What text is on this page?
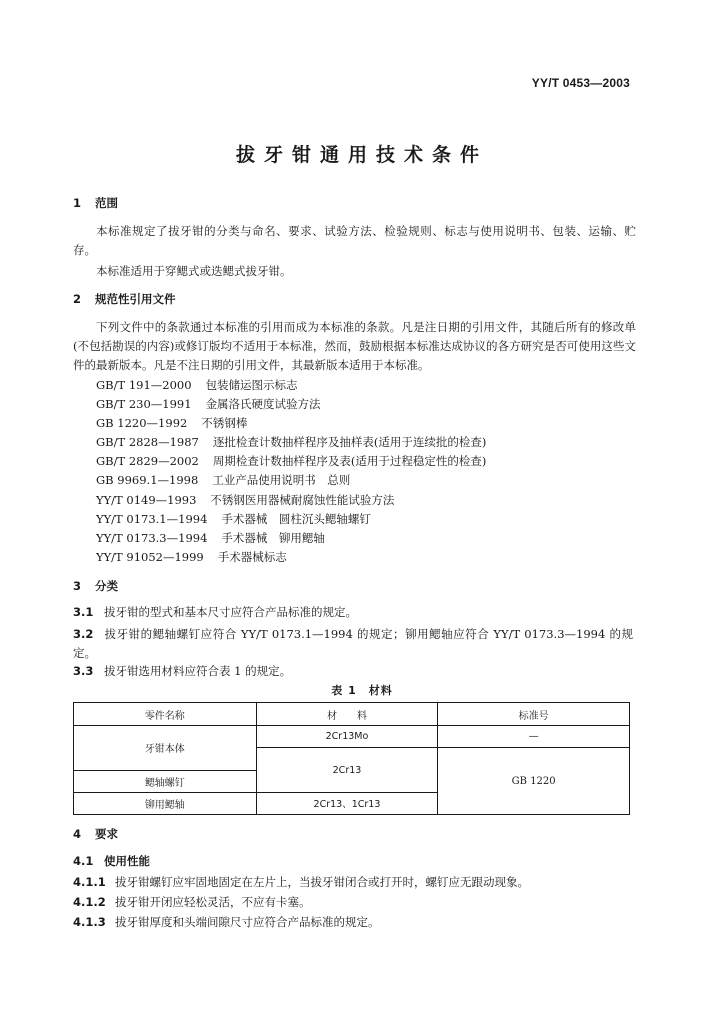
YY/T 0453—2003
拔牙钳通用技术条件
1 范围
本标准规定了拔牙钳的分类与命名、要求、试验方法、检验规则、标志与使用说明书、包装、运输、贮存。
本标准适用于穿鳃式或迭鳃式拔牙钳。
2 规范性引用文件
下列文件中的条款通过本标准的引用而成为本标准的条款。凡是注日期的引用文件，其随后所有的修改单(不包括勘误的内容)或修订版均不适用于本标准，然而，鼓励根据本标准达成协议的各方研究是否可使用这些文件的最新版本。凡是不注日期的引用文件，其最新版本适用于本标准。
GB/T 191—2000 包装储运图示标志
GB/T 230—1991 金属洛氏硬度试验方法
GB 1220—1992 不锈钢棒
GB/T 2828—1987 逐批检查计数抽样程序及抽样表(适用于连续批的检查)
GB/T 2829—2002 周期检查计数抽样程序及表(适用于过程稳定性的检查)
GB 9969.1—1998 工业产品使用说明书　总则
YY/T 0149—1993 不锈钢医用器械耐腐蚀性能试验方法
YY/T 0173.1—1994 手术器械　圆柱沉头鳃轴螺钉
YY/T 0173.3—1994 手术器械　铆用鳃轴
YY/T 91052—1999 手术器械标志
3 分类
3.1 拔牙钳的型式和基本尺寸应符合产品标准的规定。
3.2 拔牙钳的鳃轴螺钉应符合 YY/T 0173.1—1994 的规定；铆用鳃轴应符合 YY/T 0173.3—1994 的规定。
3.3 拔牙钳选用材料应符合表 1 的规定。
表 1　材料
零件名称	材　　料	标准号
牙钳本体	2Cr13Mo	—
	2Cr13	GB 1220
鳃轴螺钉		
铆用鳃轴	2Cr13、1Cr13	
4 要求
4.1 使用性能
4.1.1 拔牙钳螺钉应牢固地固定在左片上，当拔牙钳闭合或打开时，螺钉应无跟动现象。
4.1.2 拔牙钳开闭应轻松灵活，不应有卡塞。
4.1.3 拔牙钳厚度和头端间隙尺寸应符合产品标准的规定。
